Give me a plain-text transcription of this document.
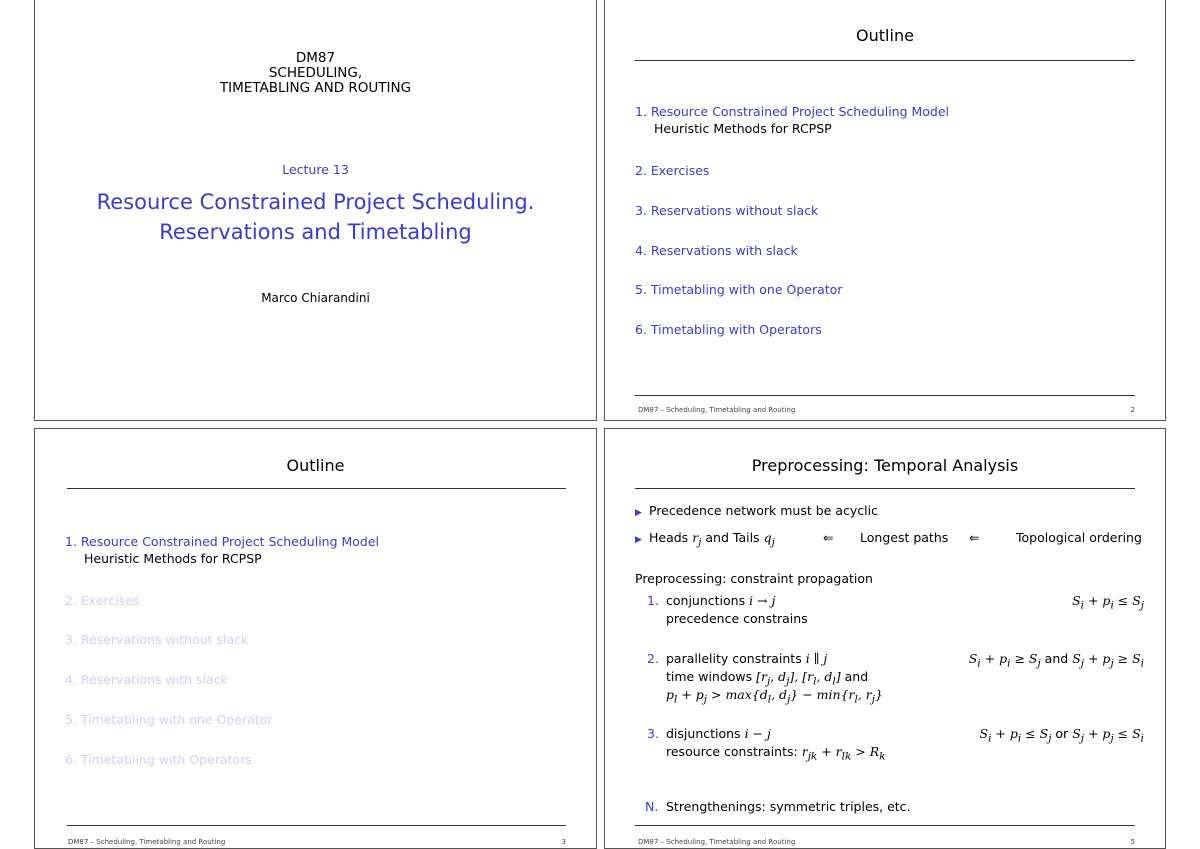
DM87
SCHEDULING,
TIMETABLING AND ROUTING
Lecture 13
Resource Constrained Project Scheduling.
Reservations and Timetabling
Marco Chiarandini
Outline
1. Resource Constrained Project Scheduling Model
Heuristic Methods for RCPSP
2. Exercises
3. Reservations without slack
4. Reservations with slack
5. Timetabling with one Operator
6. Timetabling with Operators
DM87 – Scheduling, Timetabling and Routing	2
Outline
1. Resource Constrained Project Scheduling Model
Heuristic Methods for RCPSP
2. Exercises
3. Reservations without slack
4. Reservations with slack
5. Timetabling with one Operator
6. Timetabling with Operators
DM87 – Scheduling, Timetabling and Routing	3
Preprocessing: Temporal Analysis
▶ Precedence network must be acyclic
▶ Heads $r_j$ and Tails $q_j$	⇐ Longest paths ⇐	Topological ordering
Preprocessing: constraint propagation
1. conjunctions i → j
precedence constrains
$S_i + p_i \le S_j$
2. parallelity constraints i ∥ j
time windows [$r_j$, $d_j$], [$r_l$, $d_l$] and
$p_l + p_j > \max\{d_l$, $d_j\} - \min\{r_l$, $r_j$}
$S_i + p_i \ge S_j$ and $S_j + p_j \ge S_i$
3. disjunctions i − j
resource constraints: $r_{jk} + r_{lk} > R_k$
$S_i + p_i \le S_j$ or $S_j + p_j \le S_i$
N. Strengthenings: symmetric triples, etc.
DM87 – Scheduling, Timetabling and Routing	5
